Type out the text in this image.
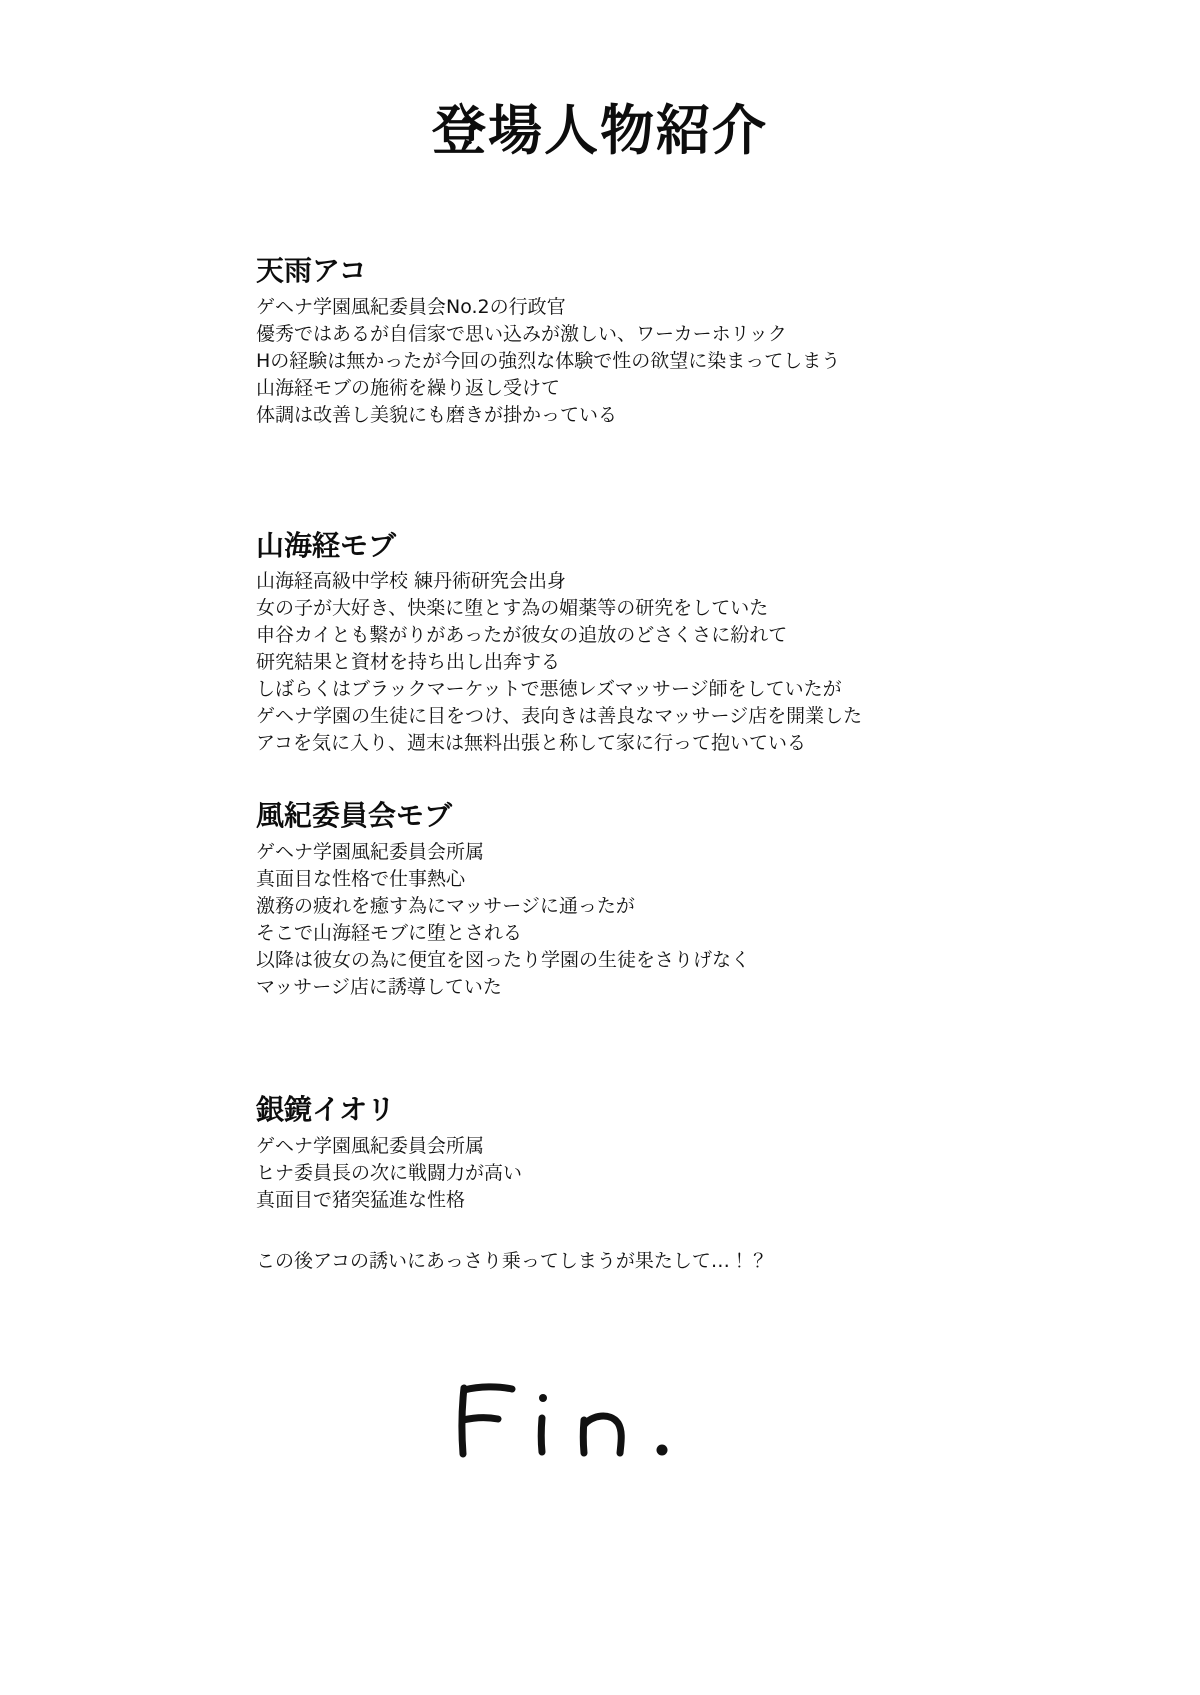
登場人物紹介
天雨アコ
ゲヘナ学園風紀委員会No.2の行政官
優秀ではあるが自信家で思い込みが激しい、ワーカーホリック
Hの経験は無かったが今回の強烈な体験で性の欲望に染まってしまう
山海経モブの施術を繰り返し受けて
体調は改善し美貌にも磨きが掛かっている
山海経モブ
山海経高級中学校 練丹術研究会出身
女の子が大好き、快楽に堕とす為の媚薬等の研究をしていた
申谷カイとも繋がりがあったが彼女の追放のどさくさに紛れて
研究結果と資材を持ち出し出奔する
しばらくはブラックマーケットで悪徳レズマッサージ師をしていたが
ゲヘナ学園の生徒に目をつけ、表向きは善良なマッサージ店を開業した
アコを気に入り、週末は無料出張と称して家に行って抱いている
風紀委員会モブ
ゲヘナ学園風紀委員会所属
真面目な性格で仕事熱心
激務の疲れを癒す為にマッサージに通ったが
そこで山海経モブに堕とされる
以降は彼女の為に便宜を図ったり学園の生徒をさりげなく
マッサージ店に誘導していた
銀鏡イオリ
ゲヘナ学園風紀委員会所属
ヒナ委員長の次に戦闘力が高い
真面目で猪突猛進な性格
この後アコの誘いにあっさり乗ってしまうが果たして…！？
